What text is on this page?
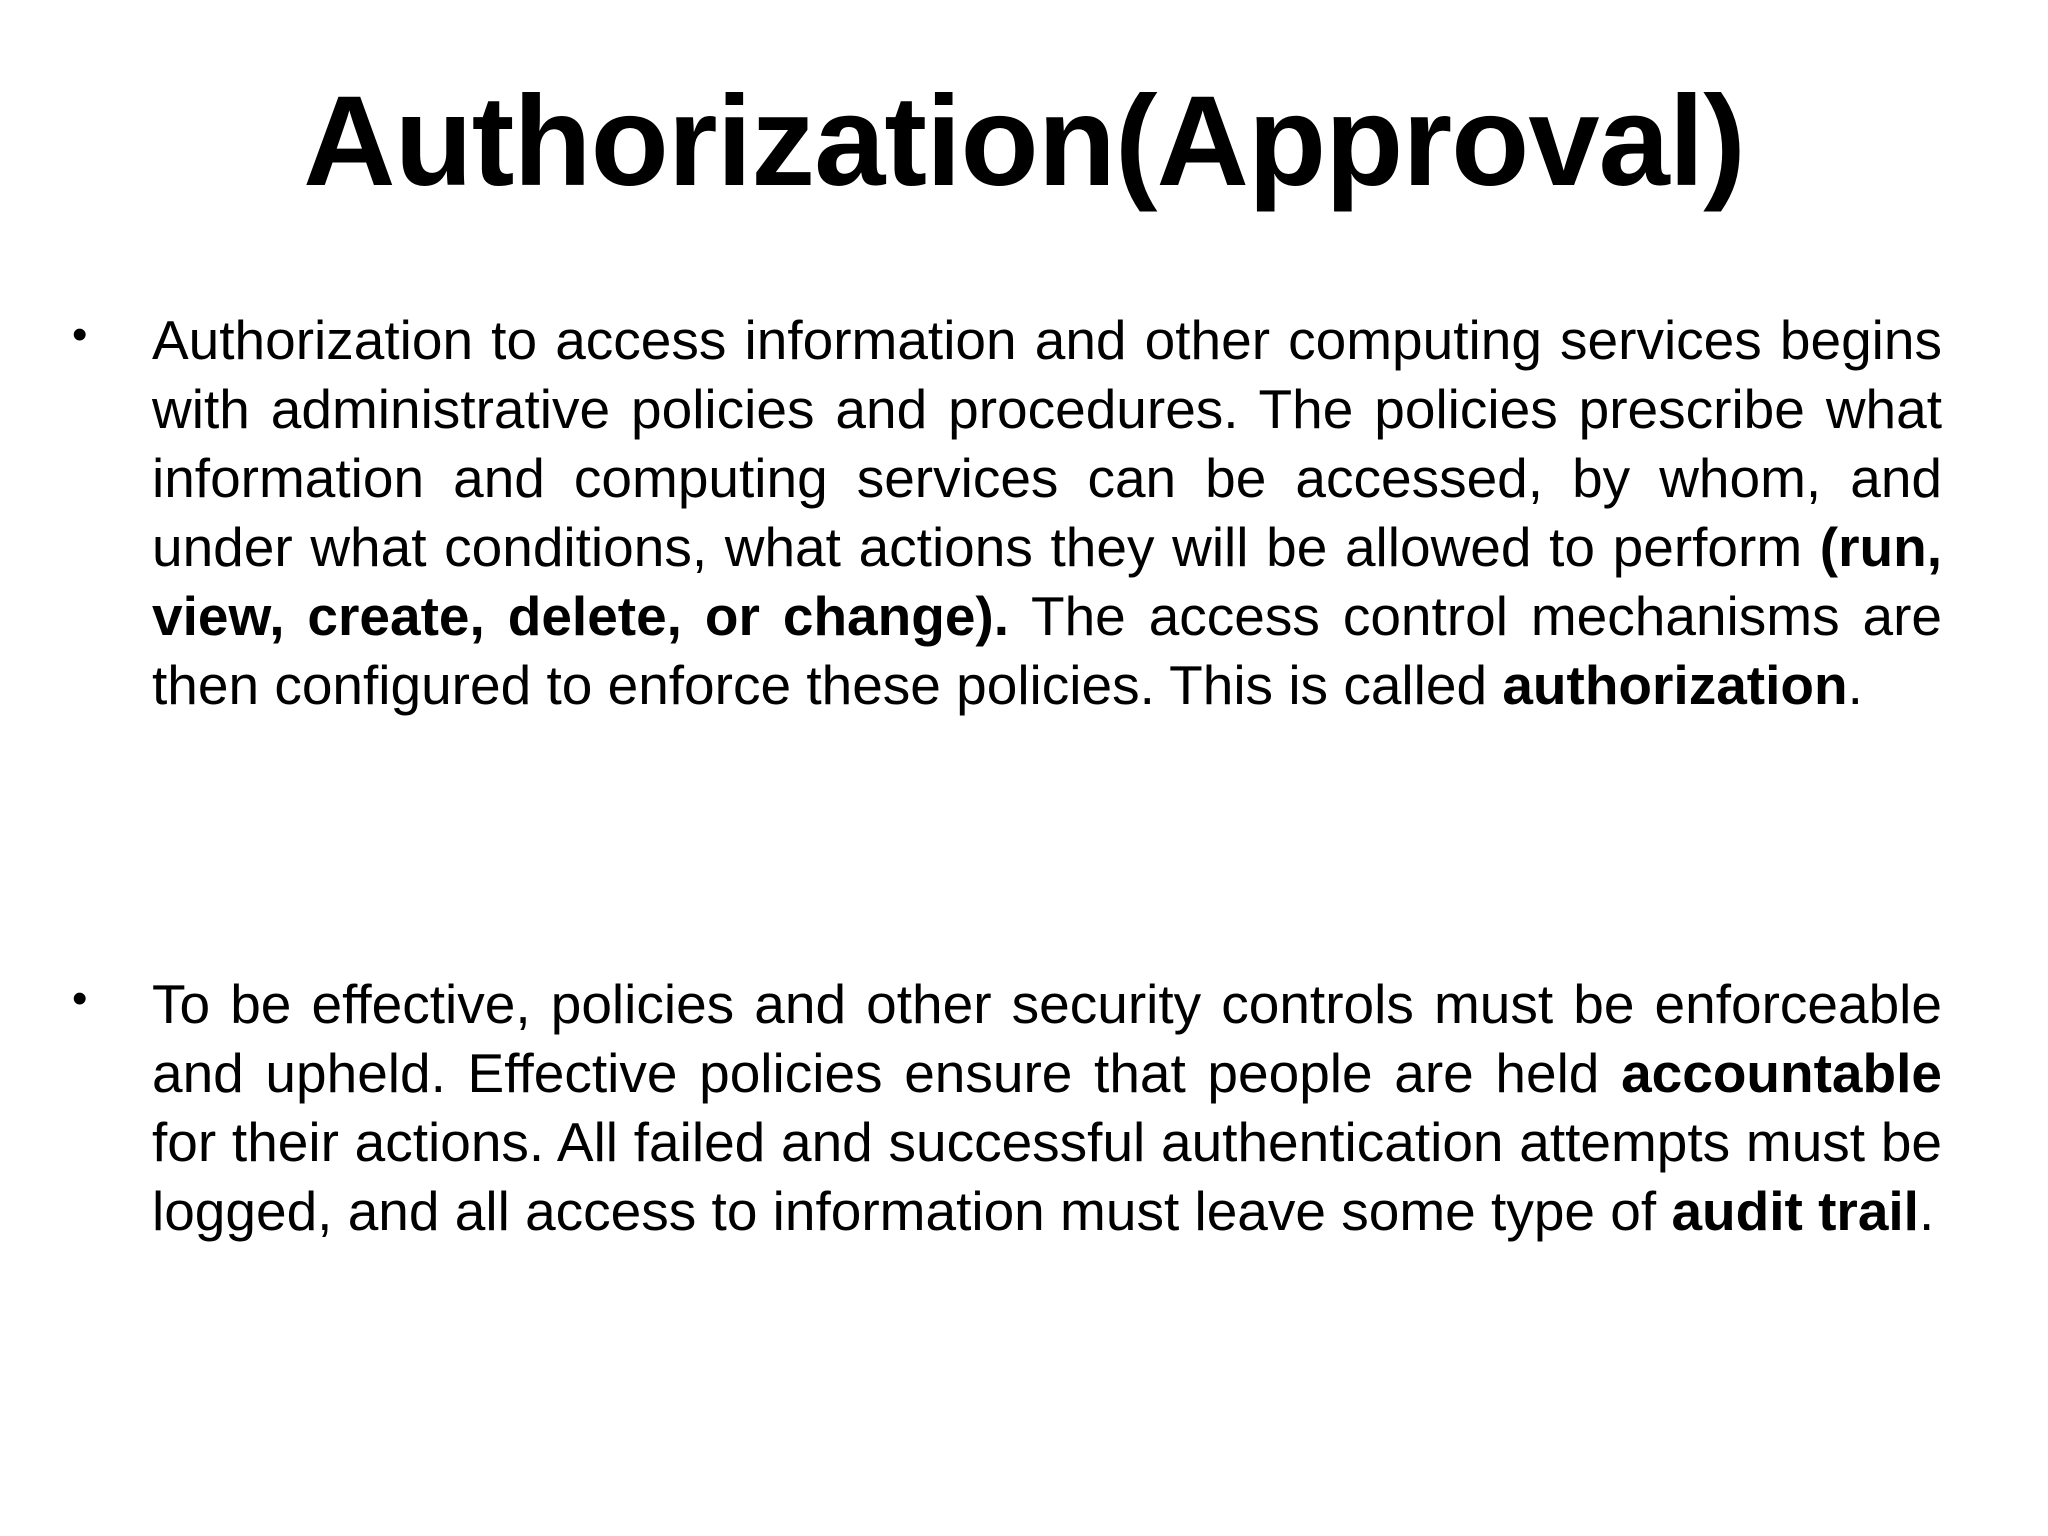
Authorization(Approval)
•	Authorization to access information and other computing services begins with administrative policies and procedures. The policies prescribe what information and computing services can be accessed, by whom, and under what conditions, what actions they will be allowed to perform (run, view, create, delete, or change). The access control mechanisms are then configured to enforce these policies. This is called authorization.
•	To be effective, policies and other security controls must be enforceable and upheld. Effective policies ensure that people are held accountable for their actions. All failed and successful authentication attempts must be logged, and all access to information must leave some type of audit trail.
